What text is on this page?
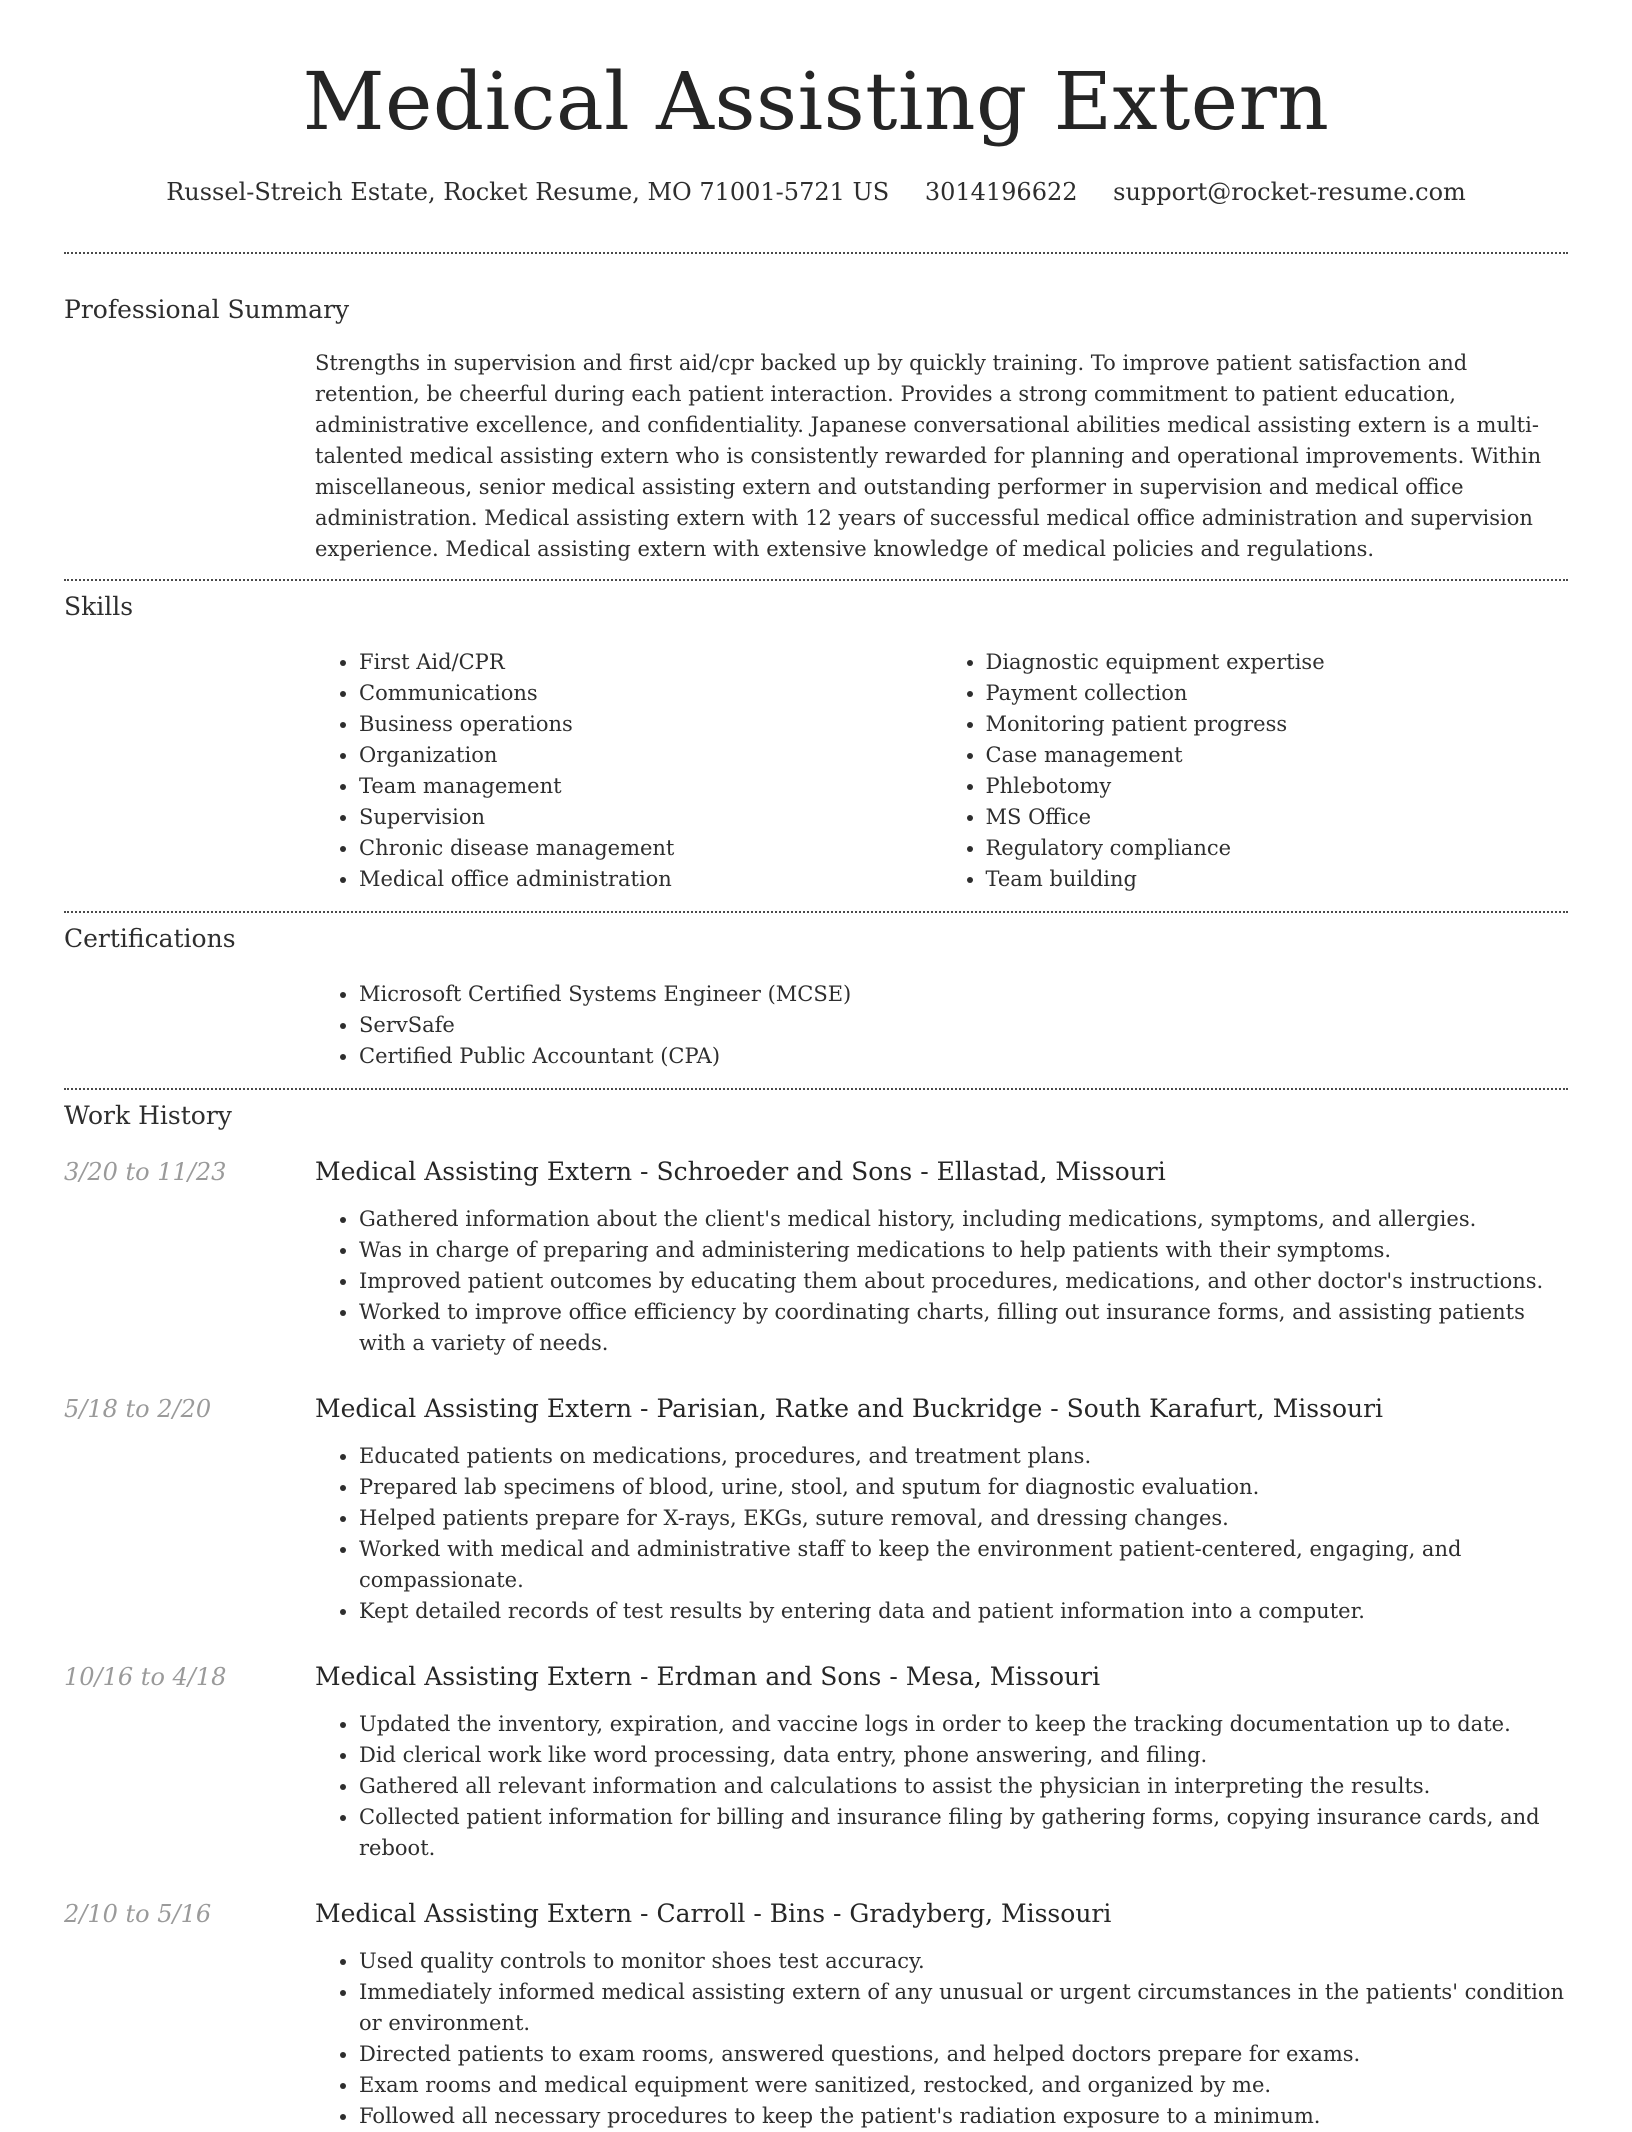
Medical Assisting Extern
Russel-Streich Estate, Rocket Resume, MO 71001-5721 US 3014196622 support@rocket-resume.com
Professional Summary
Strengths in supervision and first aid/cpr backed up by quickly training. To improve patient satisfaction and retention, be cheerful during each patient interaction. Provides a strong commitment to patient education, administrative excellence, and confidentiality. Japanese conversational abilities medical assisting extern is a multi-talented medical assisting extern who is consistently rewarded for planning and operational improvements. Within miscellaneous, senior medical assisting extern and outstanding performer in supervision and medical office administration. Medical assisting extern with 12 years of successful medical office administration and supervision experience. Medical assisting extern with extensive knowledge of medical policies and regulations.
Skills
• First Aid/CPR
• Communications
• Business operations
• Organization
• Team management
• Supervision
• Chronic disease management
• Medical office administration
• Diagnostic equipment expertise
• Payment collection
• Monitoring patient progress
• Case management
• Phlebotomy
• MS Office
• Regulatory compliance
• Team building
Certifications
• Microsoft Certified Systems Engineer (MCSE)
• ServSafe
• Certified Public Accountant (CPA)
Work History
3/20 to 11/23	Medical Assisting Extern - Schroeder and Sons - Ellastad, Missouri
• Gathered information about the client's medical history, including medications, symptoms, and allergies.
• Was in charge of preparing and administering medications to help patients with their symptoms.
• Improved patient outcomes by educating them about procedures, medications, and other doctor's instructions.
• Worked to improve office efficiency by coordinating charts, filling out insurance forms, and assisting patients with a variety of needs.
5/18 to 2/20	Medical Assisting Extern - Parisian, Ratke and Buckridge - South Karafurt, Missouri
• Educated patients on medications, procedures, and treatment plans.
• Prepared lab specimens of blood, urine, stool, and sputum for diagnostic evaluation.
• Helped patients prepare for X-rays, EKGs, suture removal, and dressing changes.
• Worked with medical and administrative staff to keep the environment patient-centered, engaging, and compassionate.
• Kept detailed records of test results by entering data and patient information into a computer.
10/16 to 4/18	Medical Assisting Extern - Erdman and Sons - Mesa, Missouri
• Updated the inventory, expiration, and vaccine logs in order to keep the tracking documentation up to date.
• Did clerical work like word processing, data entry, phone answering, and filing.
• Gathered all relevant information and calculations to assist the physician in interpreting the results.
• Collected patient information for billing and insurance filing by gathering forms, copying insurance cards, and reboot.
2/10 to 5/16	Medical Assisting Extern - Carroll - Bins - Gradyberg, Missouri
• Used quality controls to monitor shoes test accuracy.
• Immediately informed medical assisting extern of any unusual or urgent circumstances in the patients' condition or environment.
• Directed patients to exam rooms, answered questions, and helped doctors prepare for exams.
• Exam rooms and medical equipment were sanitized, restocked, and organized by me.
• Followed all necessary procedures to keep the patient's radiation exposure to a minimum.
